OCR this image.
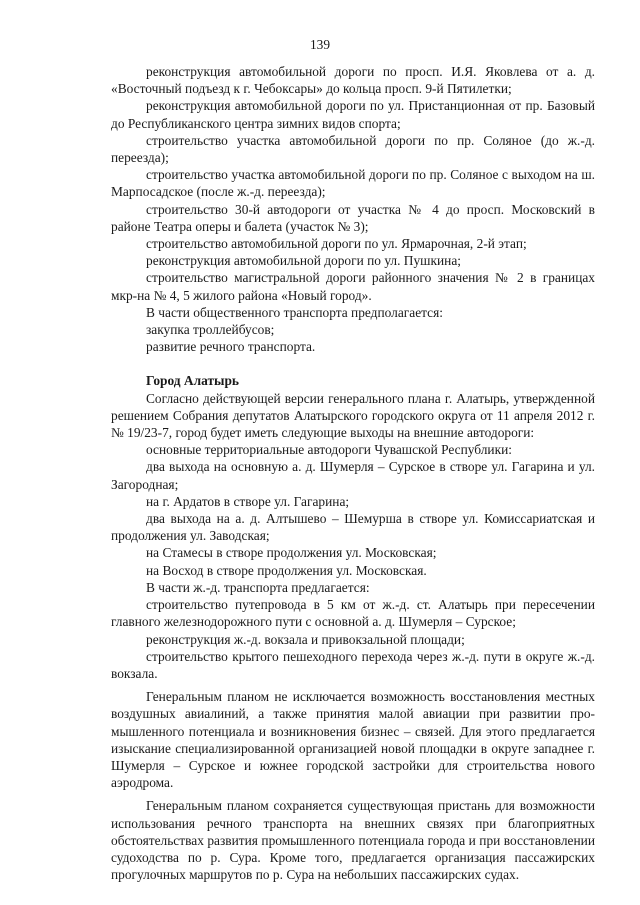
139
реконструкция автомобильной дороги по просп. И.Я. Яковлева от а. д. «Восточный подъезд к г. Чебоксары» до кольца просп. 9-й Пятилетки;
реконструкция автомобильной дороги по ул. Пристанционная от пр. Базовый до Республиканского центра зимних видов спорта;
строительство участка автомобильной дороги по пр. Соляное (до ж.-д. переезда);
строительство участка автомобильной дороги по пр. Соляное с выходом на ш. Марпосадское (после ж.-д. переезда);
строительство 30-й автодороги от участка № 4 до просп. Московский в районе Театра оперы и балета (участок № 3);
строительство автомобильной дороги по ул. Ярмарочная, 2-й этап;
реконструкция автомобильной дороги по ул. Пушкина;
строительство магистральной дороги районного значения № 2 в границах мкр-на № 4, 5 жилого района «Новый город».
В части общественного транспорта предполагается:
закупка троллейбусов;
развитие речного транспорта.
Город Алатырь
Согласно действующей версии генерального плана г. Алатырь, утвержденной решением Собрания депутатов Алатырского городского округа от 11 апреля 2012 г. № 19/23-7, город будет иметь следующие выходы на внешние автодороги:
основные территориальные автодороги Чувашской Республики:
два выхода на основную а. д. Шумерля – Сурское в створе ул. Гагарина и ул. Загородная;
на г. Ардатов в створе ул. Гагарина;
два выхода на а. д. Алтышево – Шемурша в створе ул. Комиссариатская и продолжения ул. Заводская;
на Стамесы в створе продолжения ул. Московская;
на Восход в створе продолжения ул. Московская.
В части ж.-д. транспорта предлагается:
строительство путепровода в 5 км от ж.-д. ст. Алатырь при пересечении главного железнодорожного пути с основной а. д. Шумерля – Сурское;
реконструкция ж.-д. вокзала и привокзальной площади;
строительство крытого пешеходного перехода через ж.-д. пути в округе ж.-д. вокзала.
Генеральным планом не исключается возможность восстановления местных воздушных авиалиний, а также принятия малой авиации при развитии промышленного потенциала и возникновения бизнес – связей. Для этого предлагается изыскание специализированной организацией новой площадки в округе западнее г. Шумерля – Сурское и южнее городской застройки для строительства нового аэродрома.
Генеральным планом сохраняется существующая пристань для возможности использования речного транспорта на внешних связях при благоприятных обстоятельствах развития промышленного потенциала города и при восстановлении судоходства по р. Сура. Кроме того, предлагается организация пассажирских прогулочных маршрутов по р. Сура на небольших пассажирских судах.
